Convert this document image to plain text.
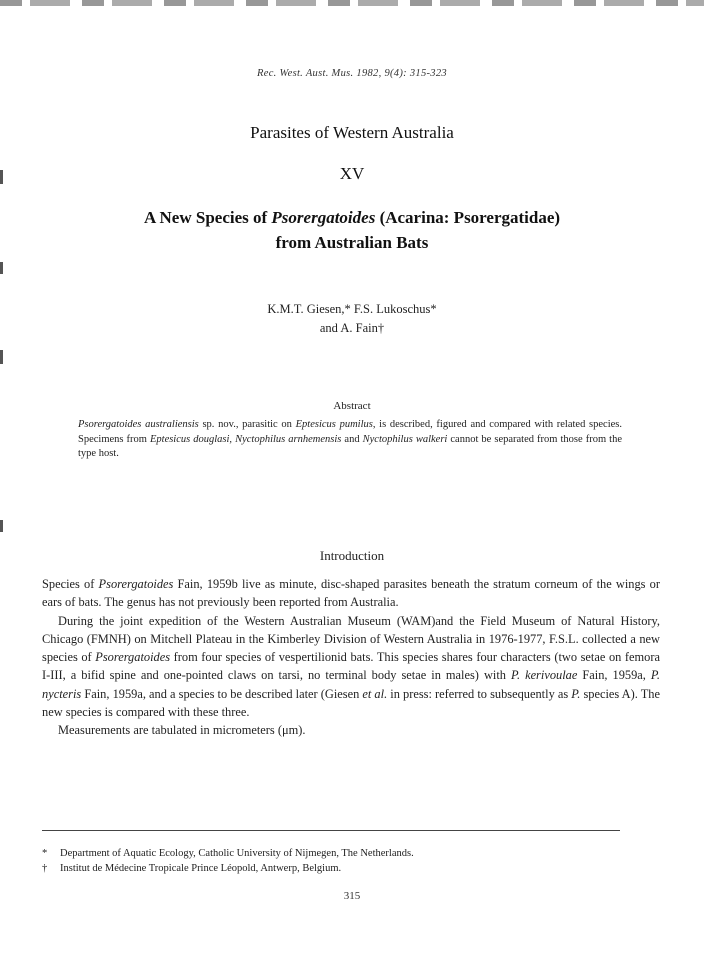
Rec. West. Aust. Mus. 1982, 9(4): 315-323
Parasites of Western Australia
XV
A New Species of Psorergatoides (Acarina: Psorergatidae)
from Australian Bats
K.M.T. Giesen,* F.S. Lukoschus*
and A. Fain†
Abstract
Psorergatoides australiensis sp. nov., parasitic on Eptesicus pumilus, is described, figured and compared with related species. Specimens from Eptesicus douglasi, Nyctophilus arnhemensis and Nyctophilus walkeri cannot be separated from those from the type host.
Introduction

Species of Psorergatoides Fain, 1959b live as minute, disc-shaped parasites beneath the stratum corneum of the wings or ears of bats. The genus has not previously been reported from Australia.

During the joint expedition of the Western Australian Museum (WAM)and the Field Museum of Natural History, Chicago (FMNH) on Mitchell Plateau in the Kimberley Division of Western Australia in 1976-1977, F.S.L. collected a new species of Psorergatoides from four species of vespertilionid bats. This species shares four characters (two setae on femora I-III, a bifid spine and one-pointed claws on tarsi, no terminal body setae in males) with P. kerivoulae Fain, 1959a, P. nycteris Fain, 1959a, and a species to be described later (Giesen et al. in press: referred to subsequently as P. species A). The new species is compared with these three.

Measurements are tabulated in micrometers (μm).

* Department of Aquatic Ecology, Catholic University of Nijmegen, The Netherlands.
† Institut de Médecine Tropicale Prince Léopold, Antwerp, Belgium.
315
